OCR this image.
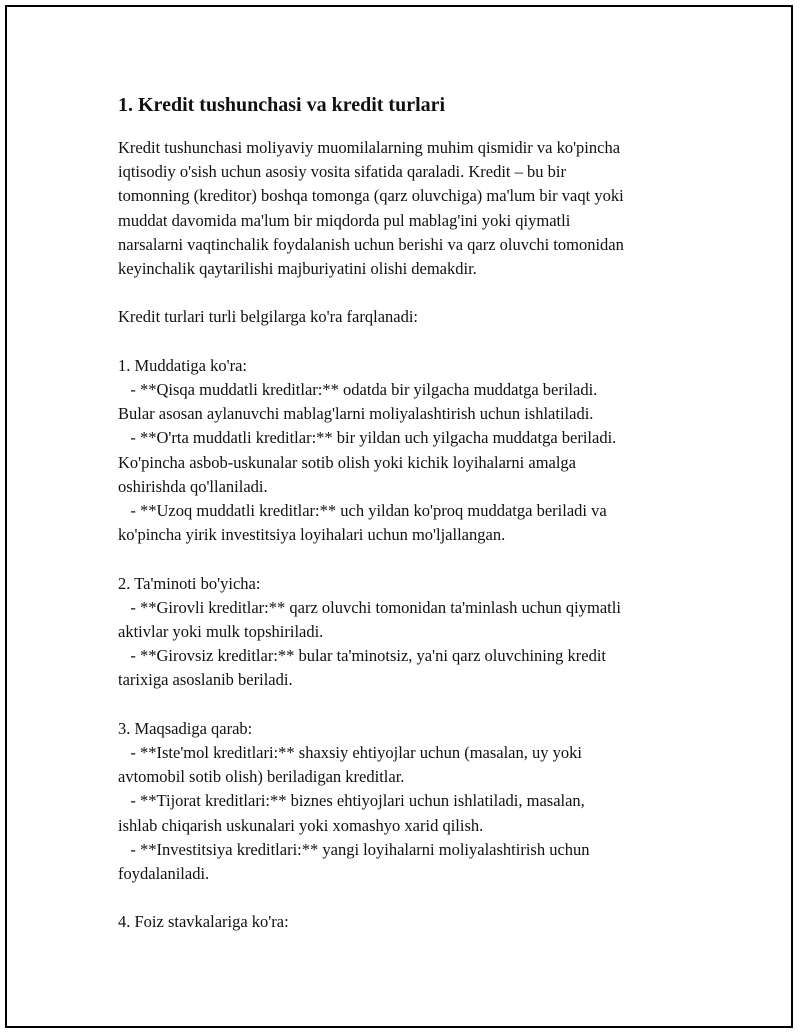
1. Kredit tushunchasi va kredit turlari
Kredit tushunchasi moliyaviy muomilalarning muhim qismidir va ko'pincha
iqtisodiy o'sish uchun asosiy vosita sifatida qaraladi. Kredit – bu bir
tomonning (kreditor) boshqa tomonga (qarz oluvchiga) ma'lum bir vaqt yoki
muddat davomida ma'lum bir miqdorda pul mablag'ini yoki qiymatli
narsalarni vaqtinchalik foydalanish uchun berishi va qarz oluvchi tomonidan
keyinchalik qaytarilishi majburiyatini olishi demakdir.
Kredit turlari turli belgilarga ko'ra farqlanadi:
1. Muddatiga ko'ra:
- **Qisqa muddatli kreditlar:** odatda bir yilgacha muddatga beriladi.
Bular asosan aylanuvchi mablag'larni moliyalashtirish uchun ishlatiladi.
- **O'rta muddatli kreditlar:** bir yildan uch yilgacha muddatga beriladi.
Ko'pincha asbob-uskunalar sotib olish yoki kichik loyihalarni amalga
oshirishda qo'llaniladi.
- **Uzoq muddatli kreditlar:** uch yildan ko'proq muddatga beriladi va
ko'pincha yirik investitsiya loyihalari uchun mo'ljallangan.
2. Ta'minoti bo'yicha:
- **Girovli kreditlar:** qarz oluvchi tomonidan ta'minlash uchun qiymatli
aktivlar yoki mulk topshiriladi.
- **Girovsiz kreditlar:** bular ta'minotsiz, ya'ni qarz oluvchining kredit
tarixiga asoslanib beriladi.
3. Maqsadiga qarab:
- **Iste'mol kreditlari:** shaxsiy ehtiyojlar uchun (masalan, uy yoki
avtomobil sotib olish) beriladigan kreditlar.
- **Tijorat kreditlari:** biznes ehtiyojlari uchun ishlatiladi, masalan,
ishlab chiqarish uskunalari yoki xomashyo xarid qilish.
- **Investitsiya kreditlari:** yangi loyihalarni moliyalashtirish uchun
foydalaniladi.
4. Foiz stavkalariga ko'ra:
